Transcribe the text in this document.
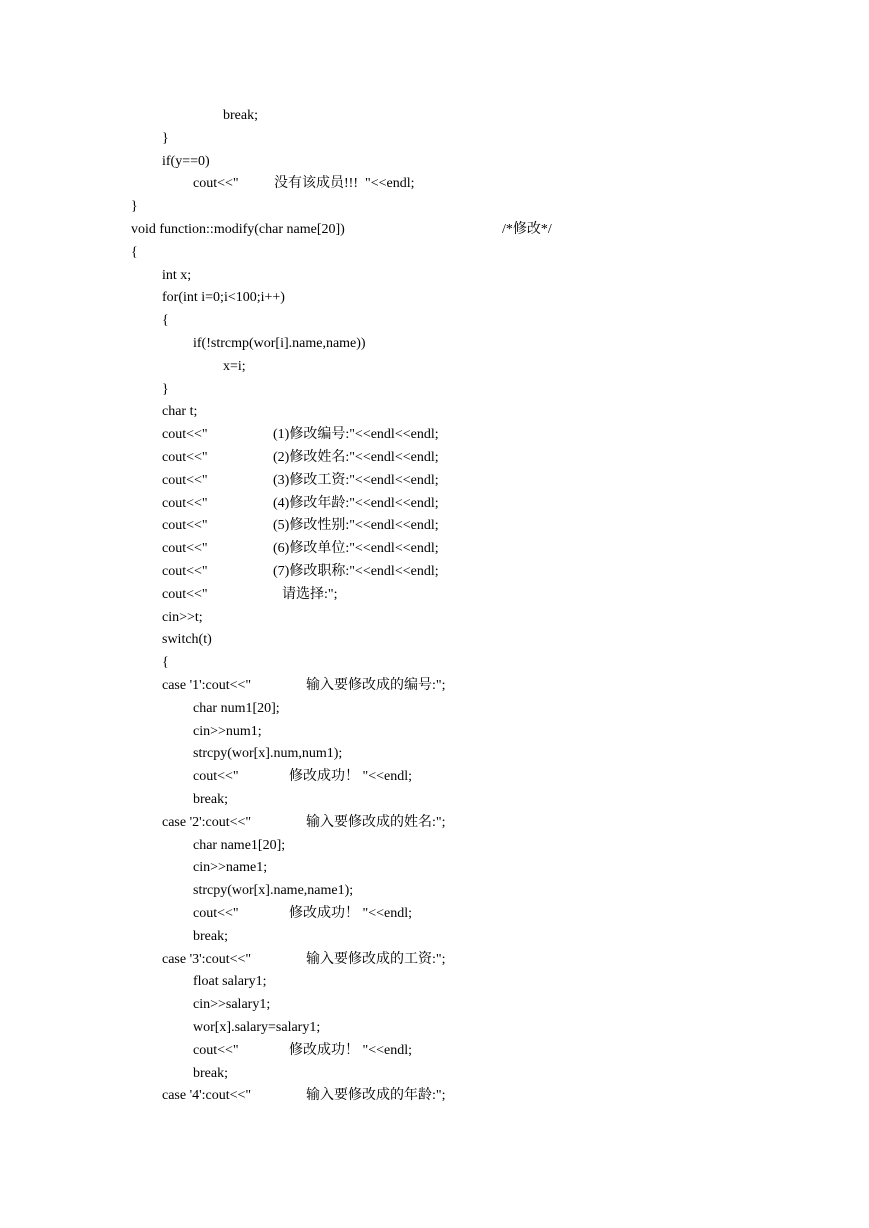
break;
}
if(y==0)
cout<<"	没有该成员!!!  "<<endl;
}
void function::modify(char name[20])	/*修改*/
{
int x;
for(int i=0;i<100;i++)
{
if(!strcmp(wor[i].name,name))
x=i;
}
char t;
cout<<"	(1)修改编号:"<<endl<<endl;
cout<<"	(2)修改姓名:"<<endl<<endl;
cout<<"	(3)修改工资:"<<endl<<endl;
cout<<"	(4)修改年龄:"<<endl<<endl;
cout<<"	(5)修改性别:"<<endl<<endl;
cout<<"	(6)修改单位:"<<endl<<endl;
cout<<"	(7)修改职称:"<<endl<<endl;
cout<<"	请选择:";
cin>>t;
switch(t)
{
case '1':cout<<"	输入要修改成的编号:";
char num1[20];
cin>>num1;
strcpy(wor[x].num,num1);
cout<<"	修改成功！ "<<endl;
break;
case '2':cout<<"	输入要修改成的姓名:";
char name1[20];
cin>>name1;
strcpy(wor[x].name,name1);
cout<<"	修改成功！ "<<endl;
break;
case '3':cout<<"	输入要修改成的工资:";
float salary1;
cin>>salary1;
wor[x].salary=salary1;
cout<<"	修改成功！ "<<endl;
break;
case '4':cout<<"	输入要修改成的年龄:";
